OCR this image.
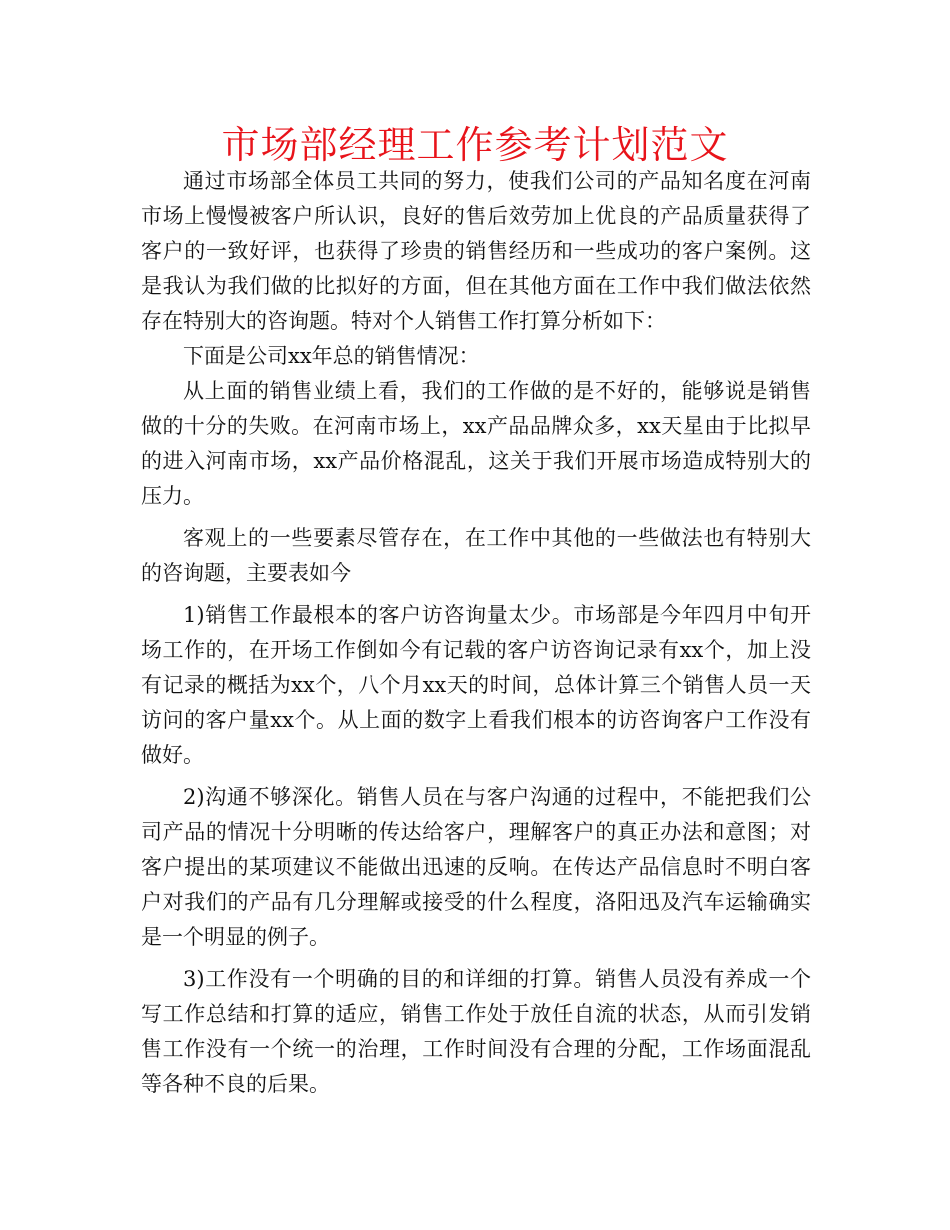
市场部经理工作参考计划范文

通过市场部全体员工共同的努力，使我们公司的产品知名度在河南市场上慢慢被客户所认识，良好的售后效劳加上优良的产品质量获得了客户的一致好评，也获得了珍贵的销售经历和一些成功的客户案例。这是我认为我们做的比拟好的方面，但在其他方面在工作中我们做法依然存在特别大的咨询题。特对个人销售工作打算分析如下：

下面是公司xx年总的销售情况：

从上面的销售业绩上看，我们的工作做的是不好的，能够说是销售做的十分的失败。在河南市场上，xx产品品牌众多，xx天星由于比拟早的进入河南市场，xx产品价格混乱，这关于我们开展市场造成特别大的压力。

客观上的一些要素尽管存在，在工作中其他的一些做法也有特别大的咨询题，主要表如今

1)销售工作最根本的客户访咨询量太少。市场部是今年四月中旬开场工作的，在开场工作倒如今有记载的客户访咨询记录有xx个，加上没有记录的概括为xx个，八个月xx天的时间，总体计算三个销售人员一天访问的客户量xx个。从上面的数字上看我们根本的访咨询客户工作没有做好。

2)沟通不够深化。销售人员在与客户沟通的过程中，不能把我们公司产品的情况十分明晰的传达给客户，理解客户的真正办法和意图；对客户提出的某项建议不能做出迅速的反响。在传达产品信息时不明白客户对我们的产品有几分理解或接受的什么程度，洛阳迅及汽车运输确实是一个明显的例子。

3)工作没有一个明确的目的和详细的打算。销售人员没有养成一个写工作总结和打算的适应，销售工作处于放任自流的状态，从而引发销售工作没有一个统一的治理，工作时间没有合理的分配，工作场面混乱等各种不良的后果。
